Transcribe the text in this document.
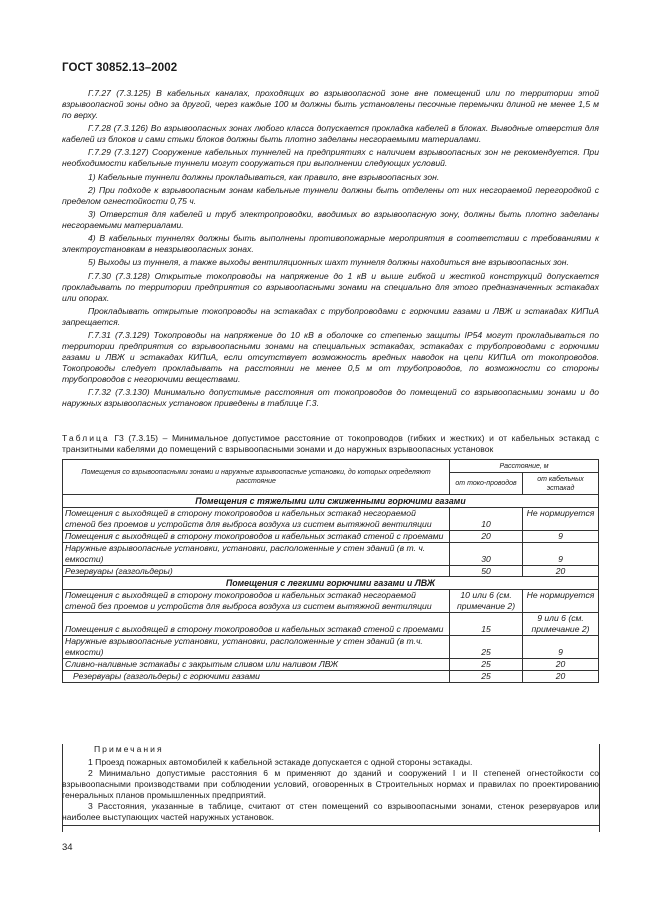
ГОСТ 30852.13–2002

Г.7.27 (7.3.125) В кабельных каналах, проходящих во взрывоопасной зоне вне помещений или по территории этой взрывоопасной зоны одно за другой, через каждые 100 м должны быть установлены песочные перемычки длиной не менее 1,5 м по верху.

Г.7.28 (7.3.126) Во взрывоопасных зонах любого класса допускается прокладка кабелей в блоках. Выводные отверстия для кабелей из блоков и сами стыки блоков должны быть плотно заделаны несгораемыми материалами.

Г.7.29 (7.3.127) Сооружение кабельных туннелей на предприятиях с наличием взрывоопасных зон не рекомендуется. При необходимости кабельные туннели могут сооружаться при выполнении следующих условий.

1) Кабельные туннели должны прокладываться, как правило, вне взрывоопасных зон.

2) При подходе к взрывоопасным зонам кабельные туннели должны быть отделены от них несгораемой перегородкой с пределом огнестойкости 0,75 ч.

3) Отверстия для кабелей и труб электропроводки, вводимых во взрывоопасную зону, должны быть плотно заделаны несгораемыми материалами.

4) В кабельных туннелях должны быть выполнены противопожарные мероприятия в соответствии с требованиями к электроустановкам в невзрывоопасных зонах.

5) Выходы из туннеля, а также выходы вентиляционных шахт туннеля должны находиться вне взрывоопасных зон.

Г.7.30 (7.3.128) Открытые токопроводы на напряжение до 1 кВ и выше гибкой и жесткой конструкций допускается прокладывать по территории предприятия со взрывоопасными зонами на специально для этого предназначенных эстакадах или опорах.

Прокладывать открытые токопроводы на эстакадах с трубопроводами с горючими газами и ЛВЖ и эстакадах КИПиА запрещается.

Г.7.31 (7.3.129) Токопроводы на напряжение до 10 кВ в оболочке со степенью защиты IP54 могут прокладываться по территории предприятия со взрывоопасными зонами на специальных эстакадах, эстакадах с трубопроводами с горючими газами и ЛВЖ и эстакадах КИПиА, если отсутствует возможность вредных наводок на цепи КИПиА от токопроводов. Токопроводы следует прокладывать на расстоянии не менее 0,5 м от трубопроводов, по возможности со стороны трубопроводов с негорючими веществами.

Г.7.32 (7.3.130) Минимально допустимые расстояния от токопроводов до помещений со взрывоопасными зонами и до наружных взрывоопасных установок приведены в таблице Г.3.

Таблица Г3 (7.3.15) – Минимальное допустимое расстояние от токопроводов (гибких и жестких) и от кабельных эстакад с транзитными кабелями до помещений с взрывоопасными зонами и до наружных взрывоопасных установок
Помещения со взрывоопасными зонами и наружные взрывоопасные установки, до которых определяют расстояние	Расстояние, м	
	от токо-проводов	от кабельных эстакад
Помещения с тяжелыми или сжиженными горючими газами		
Помещения с выходящей в сторону токопроводов и кабельных эстакад несгораемой стеной без проемов и устройств для выброса воздуха из систем вытяжной вентиляции	10	Не нормируется
Помещения с выходящей в сторону токопроводов и кабельных эстакад стеной с проемами	20	9
Наружные взрывоопасные установки, установки, расположенные у стен зданий (в т. ч. емкости)	30	9
Резервуары (газгольдеры)	50	20
Помещения с легкими горючими газами и ЛВЖ		
Помещения с выходящей в сторону токопроводов и кабельных эстакад несгораемой стеной без проемов и устройств для выброса воздуха из систем вытяжной вентиляции	10 или 6 (см. примечание 2)	Не нормируется
Помещения с выходящей в сторону токопроводов и кабельных эстакад стеной с проемами	15	9 или 6 (см. примечание 2)
Наружные взрывоопасные установки, установки, расположенные у стен зданий (в т.ч. емкости)	25	9
Сливно-наливные эстакады с закрытым сливом или наливом ЛВЖ	25	20
Резервуары (газгольдеры) с горючими газами	25	20
Примечания

1 Проезд пожарных автомобилей к кабельной эстакаде допускается с одной стороны эстакады.

2 Минимально допустимые расстояния 6 м применяют до зданий и сооружений I и II степеней огнестойкости со взрывоопасными производствами при соблюдении условий, оговоренных в Строительных нормах и правилах по проектированию генеральных планов промышленных предприятий.

3 Расстояния, указанные в таблице, считают от стен помещений со взрывоопасными зонами, стенок резервуаров или наиболее выступающих частей наружных установок.

34
